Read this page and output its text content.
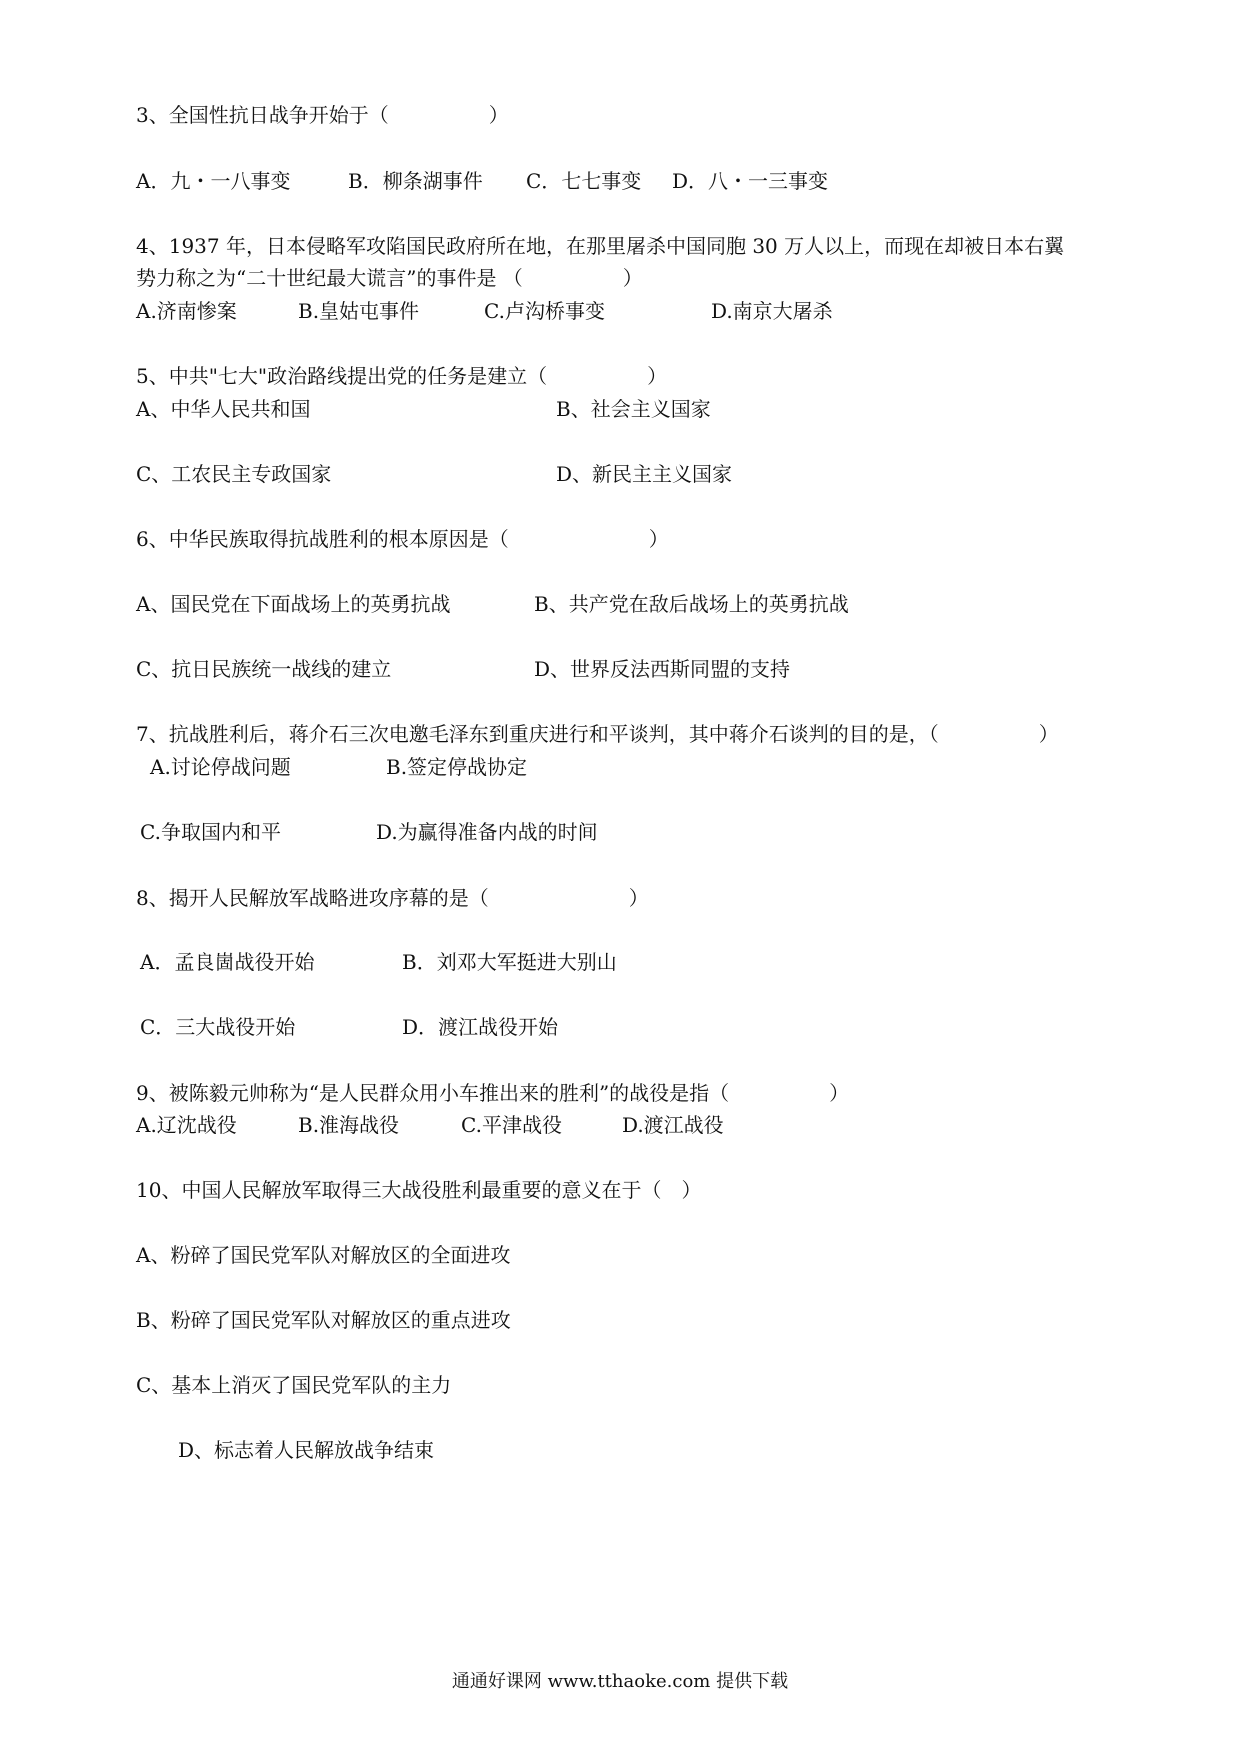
3、全国性抗日战争开始于（　　　　　）
A．九・一八事变	B．柳条湖事件 C．七七事变 D．八・一三事变
4、1937 年，日本侵略军攻陷国民政府所在地，在那里屠杀中国同胞 30 万人以上，而现在却被日本右翼
势力称之为“二十世纪最大谎言”的事件是 （　　　　　）
A.济南惨案	B.皇姑屯事件	C.卢沟桥事变	D.南京大屠杀
5、中共"七大"政治路线提出党的任务是建立（　　　　　）
A、中华人民共和国	B、社会主义国家
C、工农民主专政国家	D、新民主主义国家
6、中华民族取得抗战胜利的根本原因是（　　　　　　　）
A、国民党在下面战场上的英勇抗战	B、共产党在敌后战场上的英勇抗战
C、抗日民族统一战线的建立	D、世界反法西斯同盟的支持
7、抗战胜利后，蒋介石三次电邀毛泽东到重庆进行和平谈判，其中蒋介石谈判的目的是，（　　　　　）
A.讨论停战问题	B.签定停战协定
C.争取国内和平	D.为赢得准备内战的时间
8、揭开人民解放军战略进攻序幕的是（　　　　　　　）
A．孟良崮战役开始	B．刘邓大军挺进大别山
C．三大战役开始	D．渡江战役开始
9、被陈毅元帅称为“是人民群众用小车推出来的胜利”的战役是指（　　　　　）
A.辽沈战役	B.淮海战役	C.平津战役	D.渡江战役
10、中国人民解放军取得三大战役胜利最重要的意义在于（　）
A、粉碎了国民党军队对解放区的全面进攻
B、粉碎了国民党军队对解放区的重点进攻
C、基本上消灭了国民党军队的主力
D、标志着人民解放战争结束
通通好课网 www.tthaoke.com 提供下载
